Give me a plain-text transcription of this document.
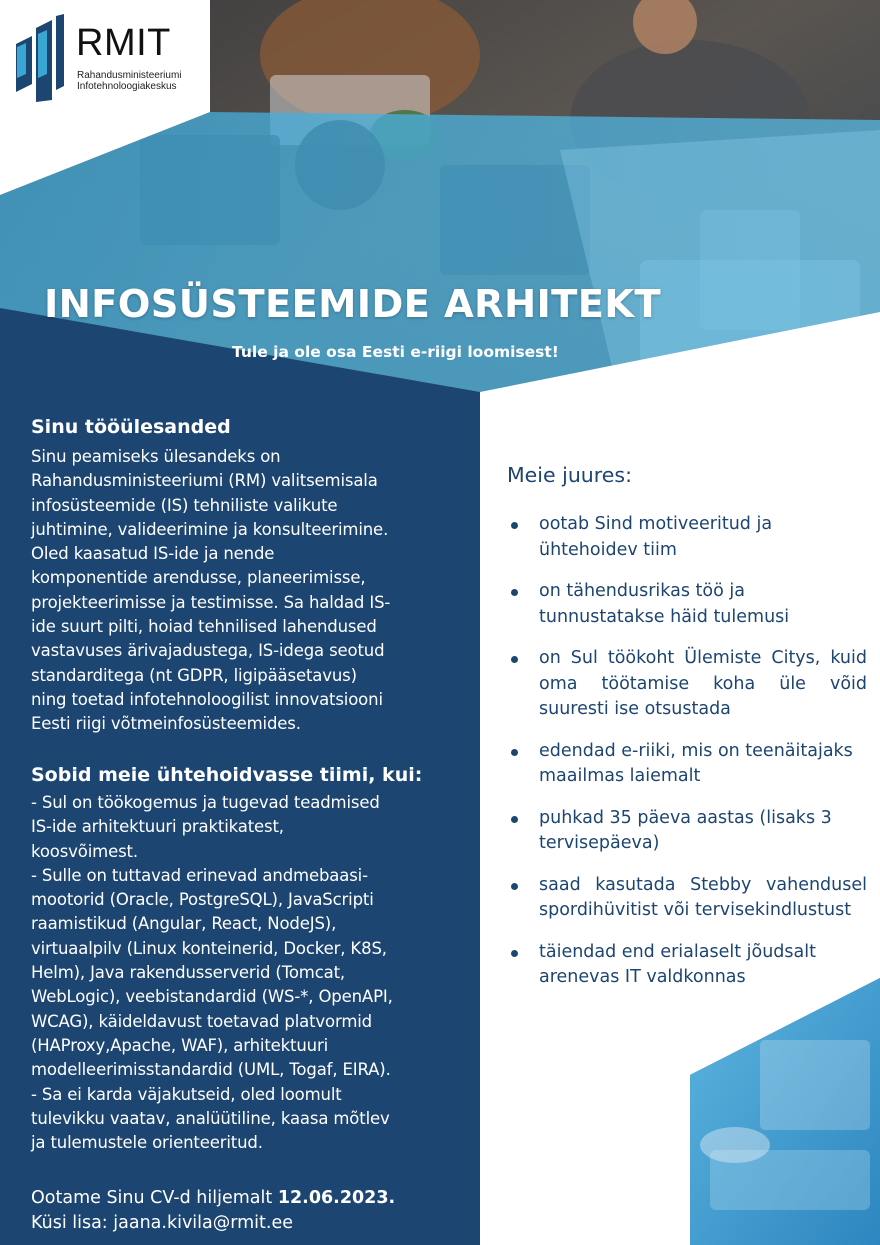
RMIT
Rahandusministeeriumi
Infotehnoloogiakeskus
INFOSÜSTEEMIDE ARHITEKT
Tule ja ole osa Eesti e-riigi loomisest!
Sinu tööülesanded
Sinu peamiseks ülesandeks on
Rahandusministeeriumi (RM) valitsemisala
infosüsteemide (IS) tehniliste valikute
juhtimine, valideerimine ja konsulteerimine.
Oled kaasatud IS-ide ja nende
komponentide arendusse, planeerimisse,
projekteerimisse ja testimisse. Sa haldad IS-
ide suurt pilti, hoiad tehnilised lahendused
vastavuses ärivajadustega, IS-idega seotud
standarditega (nt GDPR, ligipääsetavus)
ning toetad infotehnoloogilist innovatsiooni
Eesti riigi võtmeinfosüsteemides.
Sobid meie ühtehoidvasse tiimi, kui:
- Sul on töökogemus ja tugevad teadmised
IS-ide arhitektuuri praktikatest,
koosvõimest.
- Sulle on tuttavad erinevad andmebaasi-
mootorid (Oracle, PostgreSQL), JavaScripti
raamistikud (Angular, React, NodeJS),
virtuaalpilv (Linux konteinerid, Docker, K8S,
Helm), Java rakendusserverid (Tomcat,
WebLogic), veebistandardid (WS-*, OpenAPI,
WCAG), käideldavust toetavad platvormid
(HAProxy,Apache, WAF), arhitektuuri
modelleerimisstandardid (UML, Togaf, EIRA).
- Sa ei karda väjakutseid, oled loomult
tulevikku vaatav, analüütiline, kaasa mõtlev
ja tulemustele orienteeritud.
Meie juures:
ootab Sind motiveeritud ja ühtehoidev tiim
on tähendusrikas töö ja tunnustatakse häid tulemusi
on Sul töökoht Ülemiste Citys, kuid oma töötamise koha üle võid suuresti ise otsustada
edendad e-riiki, mis on teenäitajaks maailmas laiemalt
puhkad 35 päeva aastas (lisaks 3 tervisepäeva)
saad kasutada Stebby vahendusel spordihüvitist või tervisekindlustust
täiendad end erialaselt jõudsalt arenevas IT valdkonnas
Ootame Sinu CV-d hiljemalt 12.06.2023.
Küsi lisa: jaana.kivila@rmit.ee
